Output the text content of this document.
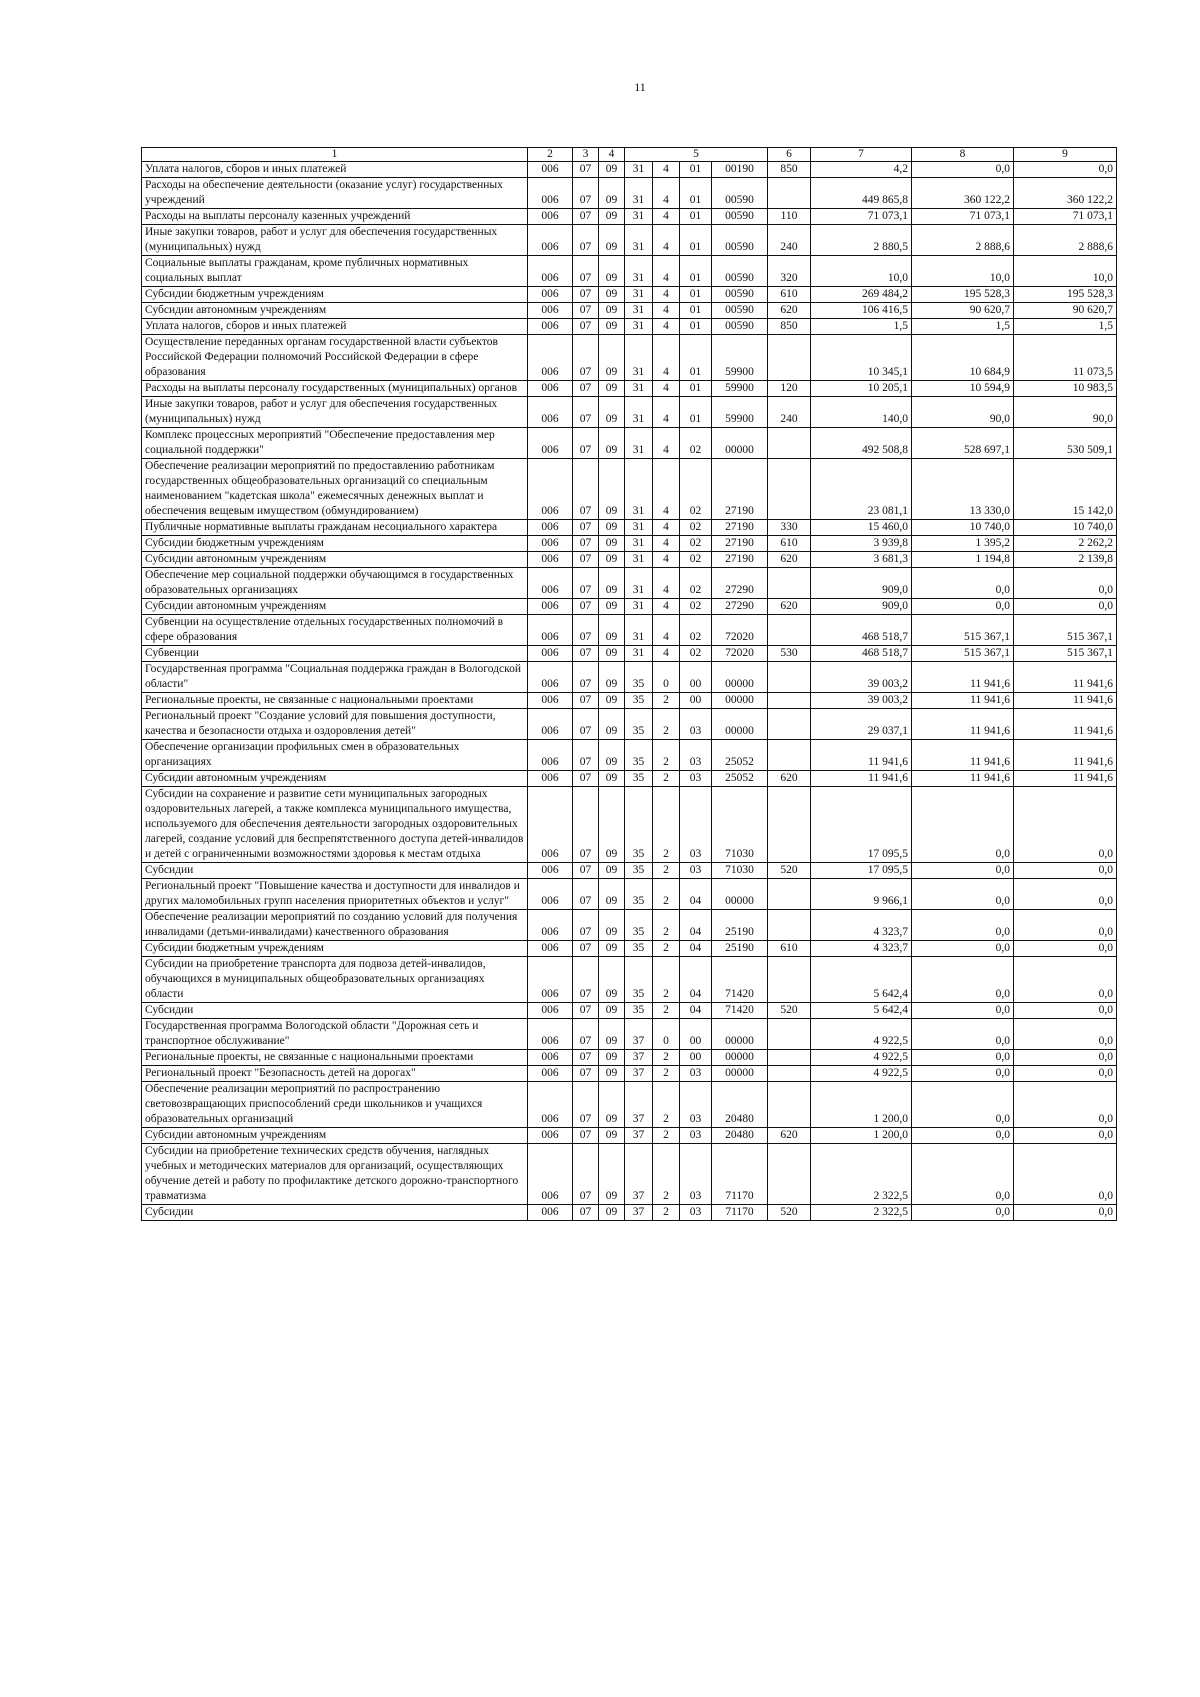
11
1	2	3	4	5				6	7	8	9
Уплата налогов, сборов и иных платежей	006	07	09	31	4	01	00190	850	4,2	0,0	0,0
Расходы на обеспечение деятельности (оказание услуг) государственных учреждений	006	07	09	31	4	01	00590		449 865,8	360 122,2	360 122,2
Расходы на выплаты персоналу казенных учреждений	006	07	09	31	4	01	00590	110	71 073,1	71 073,1	71 073,1
Иные закупки товаров, работ и услуг для обеспечения государственных (муниципальных) нужд	006	07	09	31	4	01	00590	240	2 880,5	2 888,6	2 888,6
Социальные выплаты гражданам, кроме публичных нормативных социальных выплат	006	07	09	31	4	01	00590	320	10,0	10,0	10,0
Субсидии бюджетным учреждениям	006	07	09	31	4	01	00590	610	269 484,2	195 528,3	195 528,3
Субсидии автономным учреждениям	006	07	09	31	4	01	00590	620	106 416,5	90 620,7	90 620,7
Уплата налогов, сборов и иных платежей	006	07	09	31	4	01	00590	850	1,5	1,5	1,5
Осуществление переданных органам государственной власти субъектов Российской Федерации полномочий Российской Федерации в сфере образования	006	07	09	31	4	01	59900		10 345,1	10 684,9	11 073,5
Расходы на выплаты персоналу государственных (муниципальных) органов	006	07	09	31	4	01	59900	120	10 205,1	10 594,9	10 983,5
Иные закупки товаров, работ и услуг для обеспечения государственных (муниципальных) нужд	006	07	09	31	4	01	59900	240	140,0	90,0	90,0
Комплекс процессных мероприятий "Обеспечение предоставления мер социальной поддержки"	006	07	09	31	4	02	00000		492 508,8	528 697,1	530 509,1
Обеспечение реализации мероприятий по предоставлению работникам государственных общеобразовательных организаций со специальным наименованием "кадетская школа" ежемесячных денежных выплат и обеспечения вещевым имуществом (обмундированием)	006	07	09	31	4	02	27190		23 081,1	13 330,0	15 142,0
Публичные нормативные выплаты гражданам несоциального характера	006	07	09	31	4	02	27190	330	15 460,0	10 740,0	10 740,0
Субсидии бюджетным учреждениям	006	07	09	31	4	02	27190	610	3 939,8	1 395,2	2 262,2
Субсидии автономным учреждениям	006	07	09	31	4	02	27190	620	3 681,3	1 194,8	2 139,8
Обеспечение мер социальной поддержки обучающимся в государственных образовательных организациях	006	07	09	31	4	02	27290		909,0	0,0	0,0
Субсидии автономным учреждениям	006	07	09	31	4	02	27290	620	909,0	0,0	0,0
Субвенции на осуществление отдельных государственных полномочий в сфере образования	006	07	09	31	4	02	72020		468 518,7	515 367,1	515 367,1
Субвенции	006	07	09	31	4	02	72020	530	468 518,7	515 367,1	515 367,1
Государственная программа "Социальная поддержка граждан в Вологодской области"	006	07	09	35	0	00	00000		39 003,2	11 941,6	11 941,6
Региональные проекты, не связанные с национальными проектами	006	07	09	35	2	00	00000		39 003,2	11 941,6	11 941,6
Региональный проект "Создание условий для повышения доступности, качества и безопасности отдыха и оздоровления детей"	006	07	09	35	2	03	00000		29 037,1	11 941,6	11 941,6
Обеспечение организации профильных смен в образовательных организациях	006	07	09	35	2	03	25052		11 941,6	11 941,6	11 941,6
Субсидии автономным учреждениям	006	07	09	35	2	03	25052	620	11 941,6	11 941,6	11 941,6
Субсидии на сохранение и развитие сети муниципальных загородных оздоровительных лагерей, а также комплекса муниципального имущества, используемого для обеспечения деятельности загородных оздоровительных лагерей, создание условий для беспрепятственного доступа детей-инвалидов и детей с ограниченными возможностями здоровья к местам отдыха	006	07	09	35	2	03	71030		17 095,5	0,0	0,0
Субсидии	006	07	09	35	2	03	71030	520	17 095,5	0,0	0,0
Региональный проект "Повышение качества и доступности для инвалидов и других маломобильных групп населения приоритетных объектов и услуг"	006	07	09	35	2	04	00000		9 966,1	0,0	0,0
Обеспечение реализации мероприятий по созданию условий для получения инвалидами (детьми-инвалидами) качественного образования	006	07	09	35	2	04	25190		4 323,7	0,0	0,0
Субсидии бюджетным учреждениям	006	07	09	35	2	04	25190	610	4 323,7	0,0	0,0
Субсидии на приобретение транспорта для подвоза детей-инвалидов, обучающихся в муниципальных общеобразовательных организациях области	006	07	09	35	2	04	71420		5 642,4	0,0	0,0
Субсидии	006	07	09	35	2	04	71420	520	5 642,4	0,0	0,0
Государственная программа Вологодской области "Дорожная сеть и транспортное обслуживание"	006	07	09	37	0	00	00000		4 922,5	0,0	0,0
Региональные проекты, не связанные с национальными проектами	006	07	09	37	2	00	00000		4 922,5	0,0	0,0
Региональный проект "Безопасность детей на дорогах"	006	07	09	37	2	03	00000		4 922,5	0,0	0,0
Обеспечение реализации мероприятий по распространению световозвращающих приспособлений среди школьников и учащихся образовательных организаций	006	07	09	37	2	03	20480		1 200,0	0,0	0,0
Субсидии автономным учреждениям	006	07	09	37	2	03	20480	620	1 200,0	0,0	0,0
Субсидии на приобретение технических средств обучения, наглядных учебных и методических материалов для организаций, осуществляющих обучение детей и работу по профилактике детского дорожно-транспортного травматизма	006	07	09	37	2	03	71170		2 322,5	0,0	0,0
Субсидии	006	07	09	37	2	03	71170	520	2 322,5	0,0	0,0
